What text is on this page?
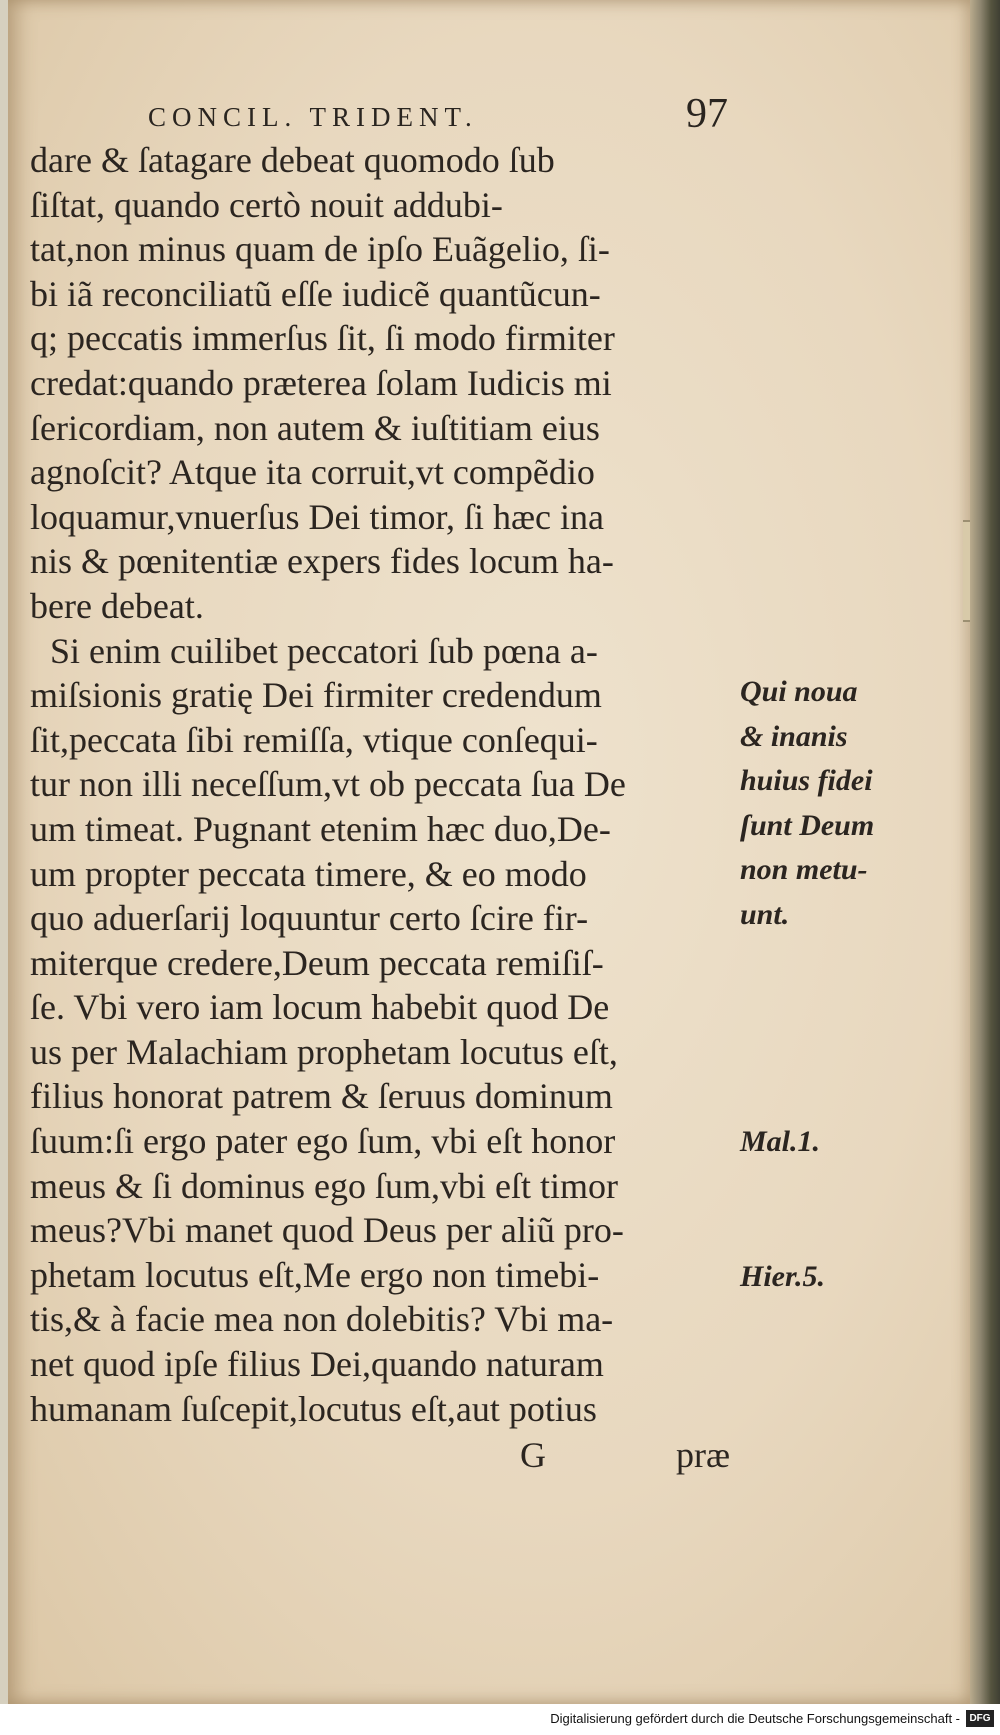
CONCIL. TRIDENT.	97
dare & ſatagare debeat quomodo ſub
ſiſtat, quando certò nouit addubi-
tat,non minus quam de ipſo Euãgelio, ſi-
bi iã reconciliatũ eſſe iudicẽ quantũcun-
q; peccatis immerſus ſit, ſi modo firmiter
credat:quando præterea ſolam Iudicis mi
ſericordiam, non autem & iuſtitiam eius
agnoſcit? Atque ita corruit,vt compẽdio
loquamur,vnuerſus Dei timor, ſi hæc ina
nis & pœnitentiæ expers fides locum ha-
bere debeat.
Si enim cuilibet peccatori ſub pœna a-
miſsionis gratię Dei firmiter credendum
ſit,peccata ſibi remiſſa, vtique conſequi-
tur non illi neceſſum,vt ob peccata ſua De
um timeat. Pugnant etenim hæc duo,De-
um propter peccata timere, & eo modo
quo aduerſarij loquuntur certo ſcire fir-
miterque credere,Deum peccata remiſiſ-
ſe. Vbi vero iam locum habebit quod De
us per Malachiam prophetam locutus eſt,
filius honorat patrem & ſeruus dominum
ſuum:ſi ergo pater ego ſum, vbi eſt honor
meus & ſi dominus ego ſum,vbi eſt timor
meus?Vbi manet quod Deus per aliũ pro-
phetam locutus eſt,Me ergo non timebi-
tis,& à facie mea non dolebitis? Vbi ma-
net quod ipſe filius Dei,quando naturam
humanam ſuſcepit,locutus eſt,aut potius
Qui noua
& inanis
huius fidei
ſunt Deum
non metu-
unt.
Mal.1.
Hier.5.
G	præ
Digitalisierung gefördert durch die Deutsche Forschungsgemeinschaft - DFG
